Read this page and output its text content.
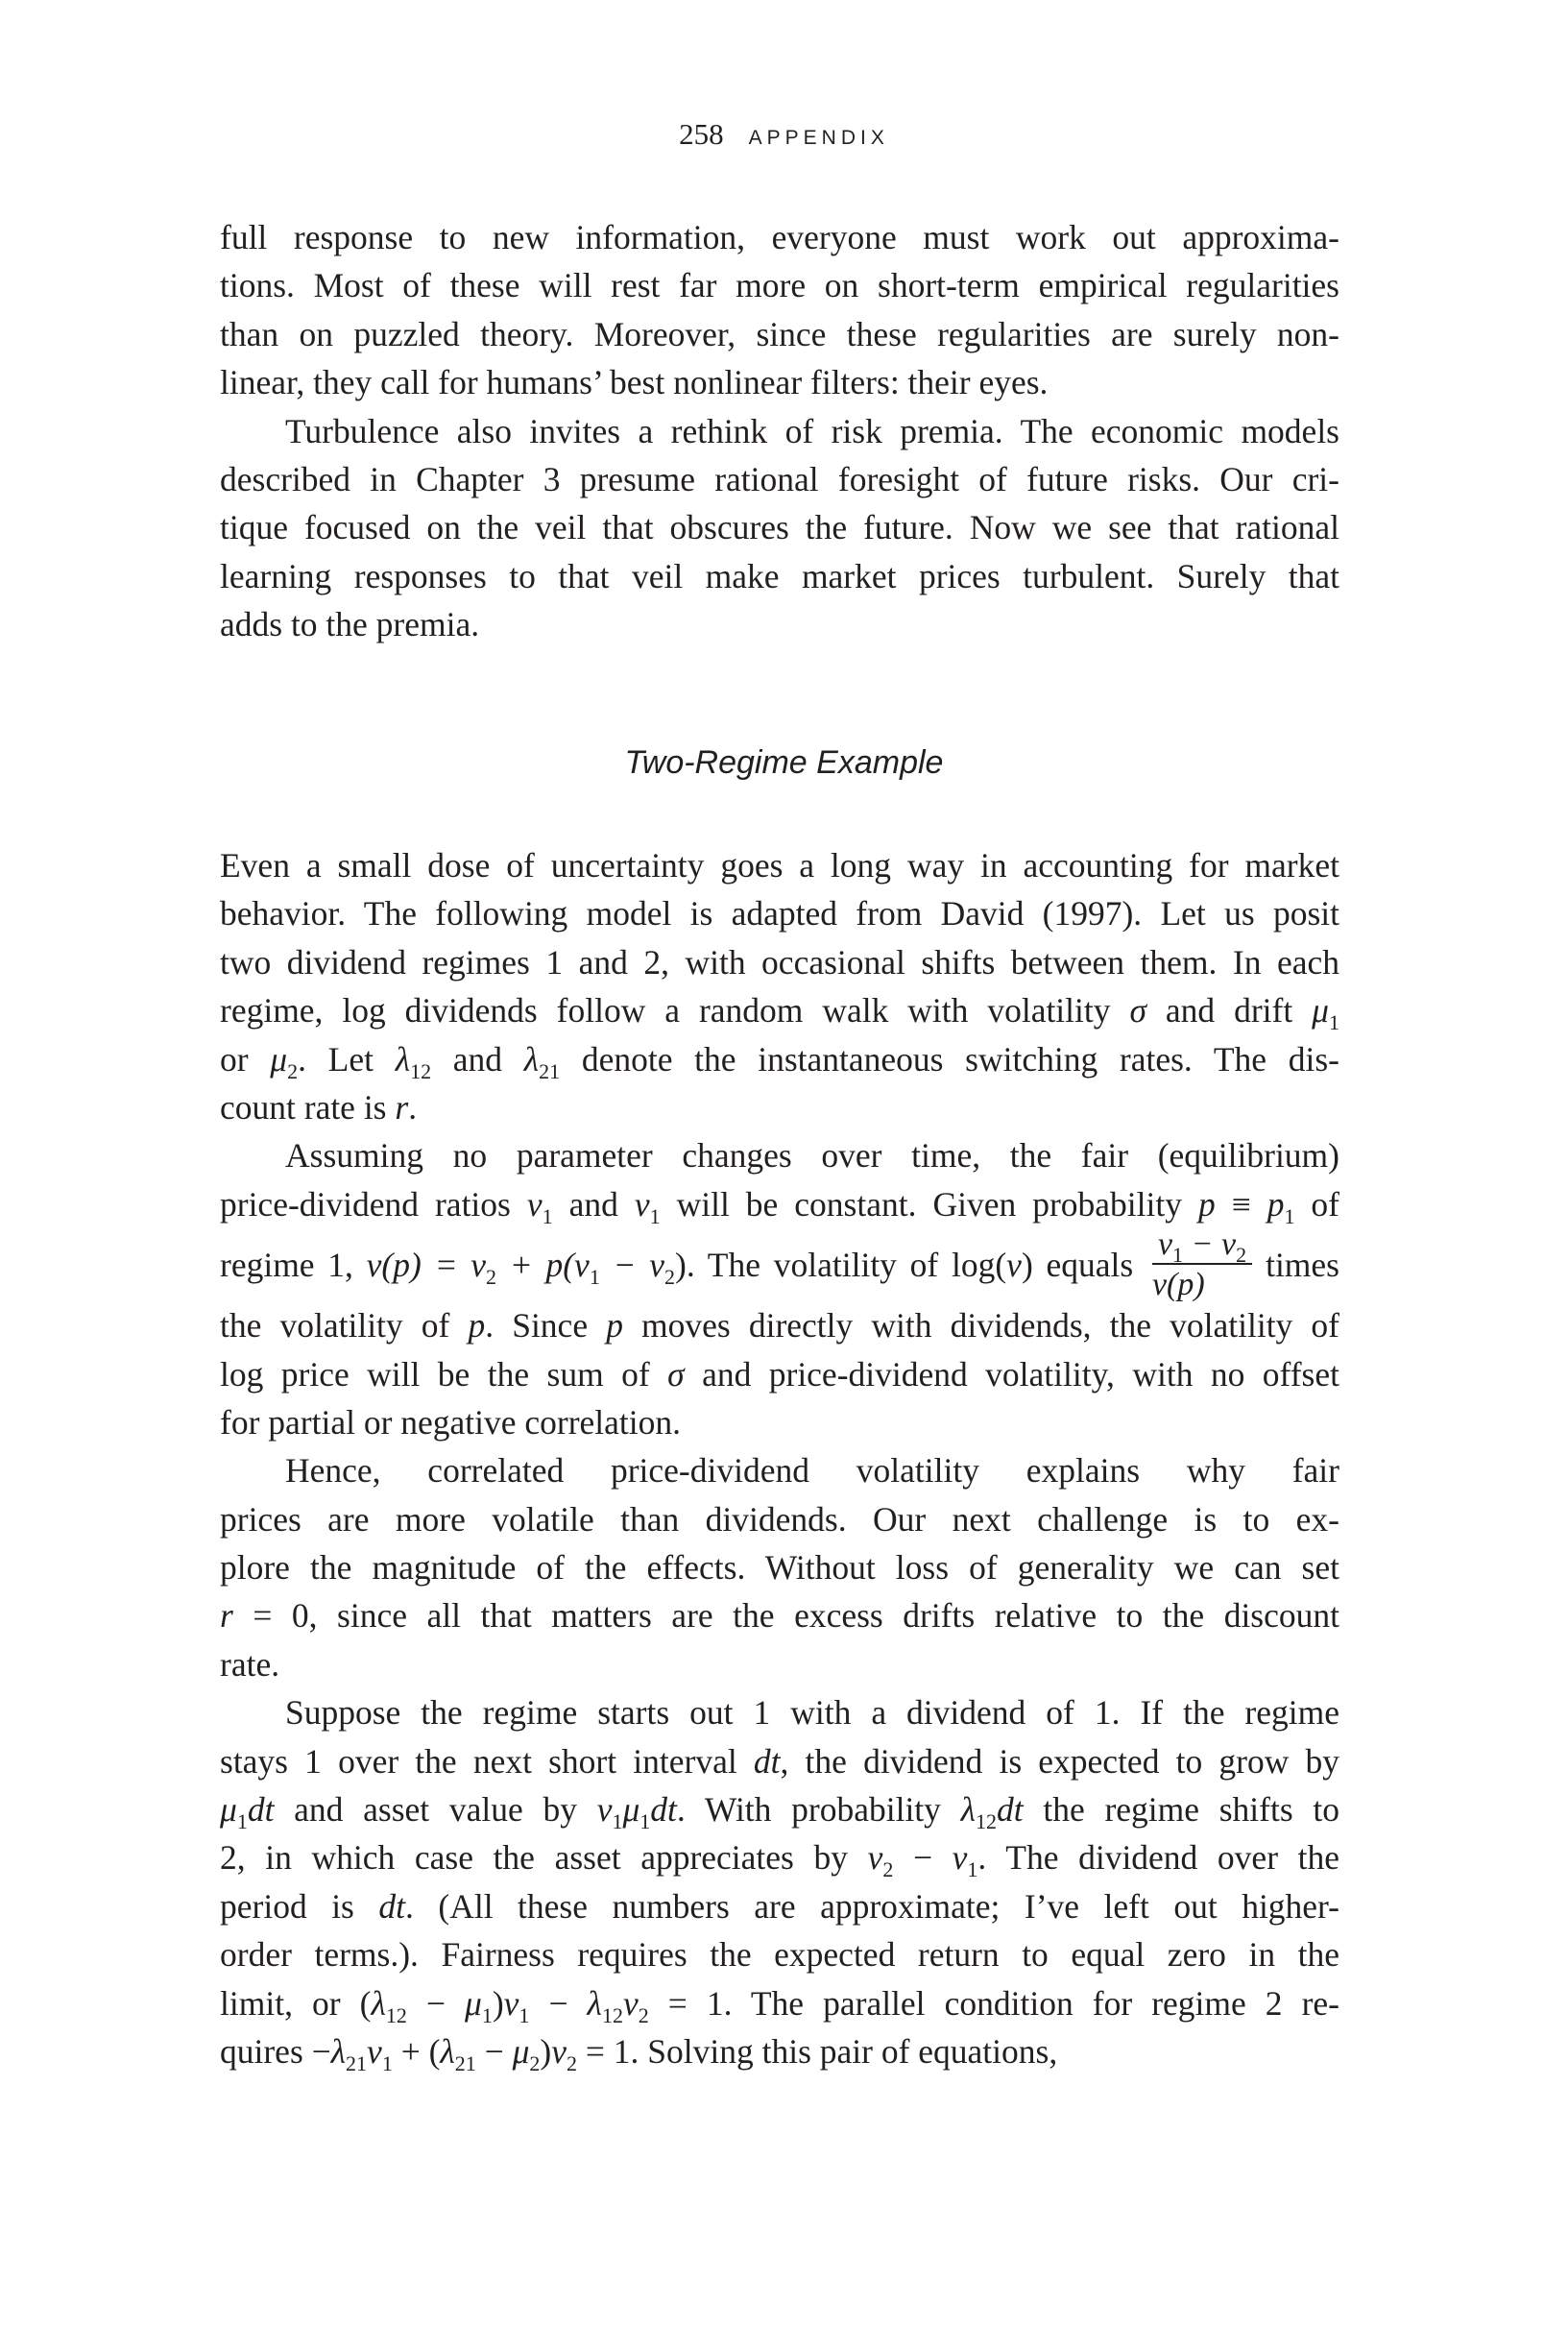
258 APPENDIX
full response to new information, everyone must work out approxima-
tions. Most of these will rest far more on short-term empirical regularities
than on puzzled theory. Moreover, since these regularities are surely non-
linear, they call for humans’ best nonlinear filters: their eyes.
Turbulence also invites a rethink of risk premia. The economic models
described in Chapter 3 presume rational foresight of future risks. Our cri-
tique focused on the veil that obscures the future. Now we see that rational
learning responses to that veil make market prices turbulent. Surely that
adds to the premia.
Two-Regime Example
Even a small dose of uncertainty goes a long way in accounting for market
behavior. The following model is adapted from David (1997). Let us posit
two dividend regimes 1 and 2, with occasional shifts between them. In each
regime, log dividends follow a random walk with volatility σ and drift $\mu_1$
or $\mu_2$. Let $\lambda_{12}$ and $\lambda_{21}$ denote the instantaneous switching rates. The dis-
count rate is r.
Assuming no parameter changes over time, the fair (equilibrium)
price-dividend ratios $v_1$ and $v_1$ will be constant. Given probability $p \equiv p_1$ of
regime 1, $v(p) = v_2 + p(v_1 - v_2)$. The volatility of log(v) equals $\frac{v_1 - v_2}{v(p)}$ times
the volatility of p. Since p moves directly with dividends, the volatility of
log price will be the sum of σ and price-dividend volatility, with no offset
for partial or negative correlation.
Hence, correlated price-dividend volatility explains why fair
prices are more volatile than dividends. Our next challenge is to ex-
plore the magnitude of the effects. Without loss of generality we can set
r = 0, since all that matters are the excess drifts relative to the discount
rate.
Suppose the regime starts out 1 with a dividend of 1. If the regime
stays 1 over the next short interval dt, the dividend is expected to grow by
$\mu_1dt$ and asset value by $v_1\mu_1dt$. With probability $\lambda_{12}dt$ the regime shifts to
2, in which case the asset appreciates by $v_2 - v_1$. The dividend over the
period is dt. (All these numbers are approximate; I’ve left out higher-
order terms.). Fairness requires the expected return to equal zero in the
limit, or $(\lambda_{12} - \mu_1)v_1 - \lambda_{12}v_2 = 1$. The parallel condition for regime 2 re-
quires $-\lambda_{21}v_1 + (\lambda_{21} - \mu_2)v_2 = 1$. Solving this pair of equations,
